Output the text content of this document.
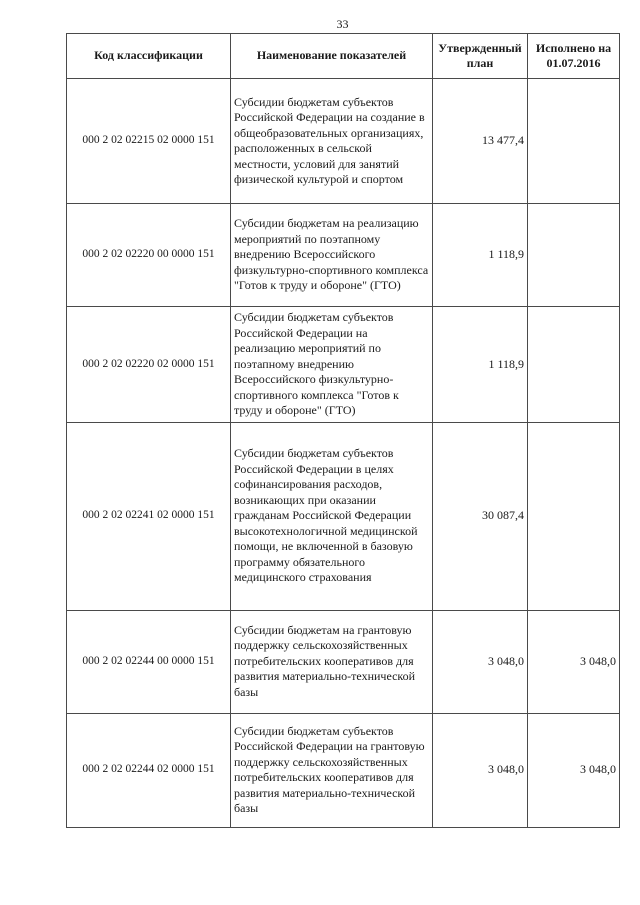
33
Код классификации	Наименование показателей	Утвержденный план	Исполнено на 01.07.2016
000 2 02 02215 02 0000 151	Субсидии бюджетам субъектов Российской Федерации на создание в общеобразовательных организациях, расположенных в сельской местности, условий для занятий физической культурой и спортом	13 477,4	
000 2 02 02220 00 0000 151	Субсидии бюджетам на реализацию мероприятий по поэтапному внедрению Всероссийского физкультурно-спортивного комплекса "Готов к труду и обороне" (ГТО)	1 118,9	
000 2 02 02220 02 0000 151	Субсидии бюджетам субъектов Российской Федерации на реализацию мероприятий по поэтапному внедрению Всероссийского физкультурно-спортивного комплекса "Готов к труду и обороне" (ГТО)	1 118,9	
000 2 02 02241 02 0000 151	Субсидии бюджетам субъектов Российской Федерации в целях софинансирования расходов, возникающих при оказании гражданам Российской Федерации высокотехнологичной медицинской помощи, не включенной в базовую программу обязательного медицинского страхования	30 087,4	
000 2 02 02244 00 0000 151	Субсидии бюджетам на грантовую поддержку сельскохозяйственных потребительских кооперативов для развития материально-технической базы	3 048,0	3 048,0
000 2 02 02244 02 0000 151	Субсидии бюджетам субъектов Российской Федерации на грантовую поддержку сельскохозяйственных потребительских кооперативов для развития материально-технической базы	3 048,0	3 048,0
